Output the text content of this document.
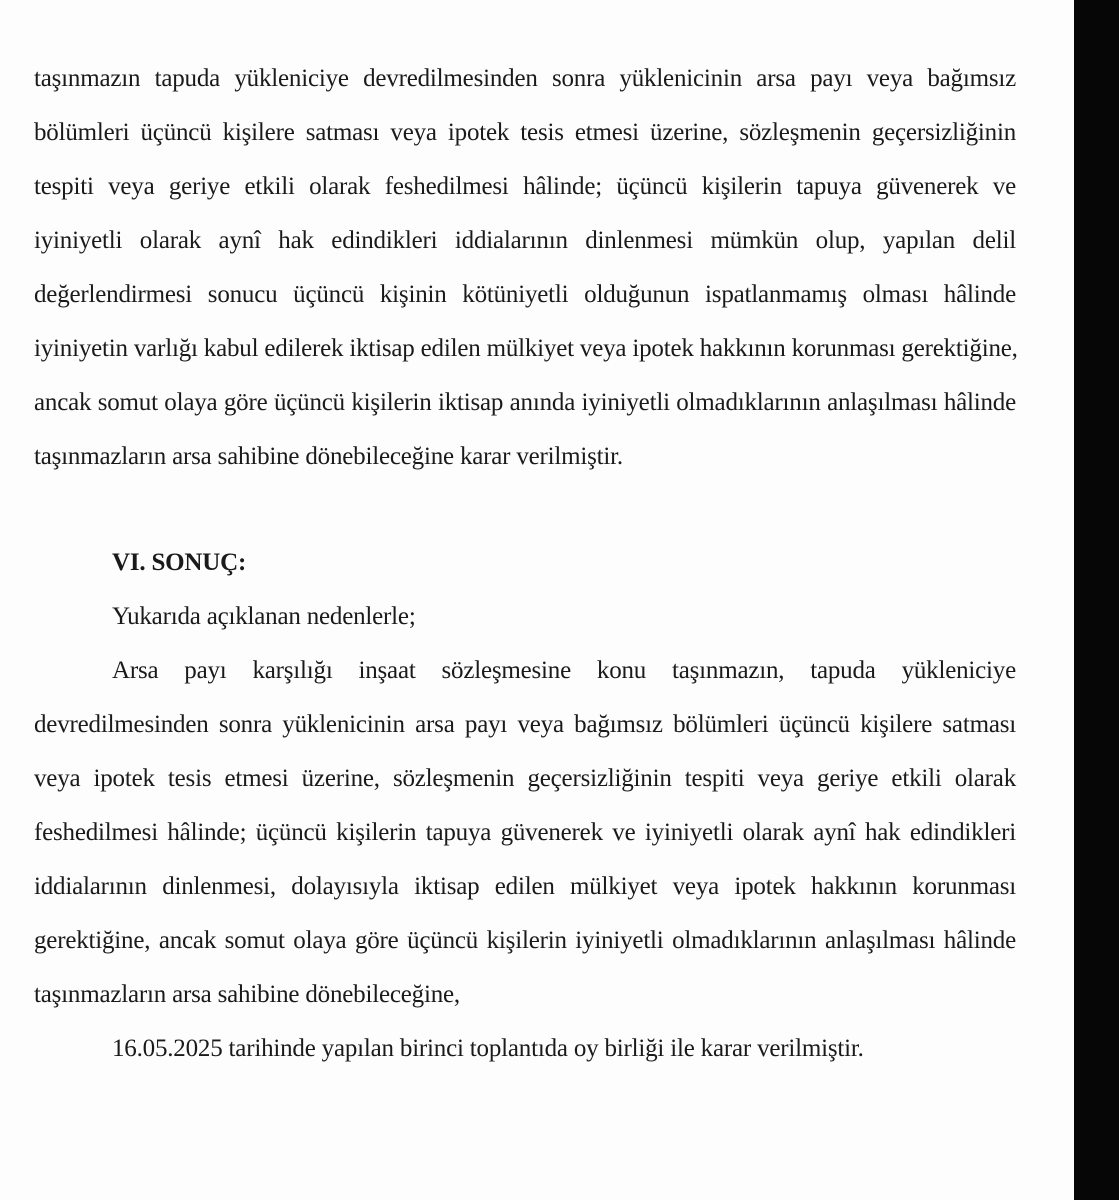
taşınmazın tapuda yükleniciye devredilmesinden sonra yüklenicinin arsa payı veya bağımsız
bölümleri üçüncü kişilere satması veya ipotek tesis etmesi üzerine, sözleşmenin geçersizliğinin
tespiti veya geriye etkili olarak feshedilmesi hâlinde; üçüncü kişilerin tapuya güvenerek ve
iyiniyetli olarak aynî hak edindikleri iddialarının dinlenmesi mümkün olup, yapılan delil
değerlendirmesi sonucu üçüncü kişinin kötüniyetli olduğunun ispatlanmamış olması hâlinde
iyiniyetin varlığı kabul edilerek iktisap edilen mülkiyet veya ipotek hakkının korunması gerektiğine,
ancak somut olaya göre üçüncü kişilerin iktisap anında iyiniyetli olmadıklarının anlaşılması hâlinde
taşınmazların arsa sahibine dönebileceğine karar verilmiştir.
VI. SONUÇ:
Yukarıda açıklanan nedenlerle;
Arsa payı karşılığı inşaat sözleşmesine konu taşınmazın, tapuda yükleniciye
devredilmesinden sonra yüklenicinin arsa payı veya bağımsız bölümleri üçüncü kişilere satması
veya ipotek tesis etmesi üzerine, sözleşmenin geçersizliğinin tespiti veya geriye etkili olarak
feshedilmesi hâlinde; üçüncü kişilerin tapuya güvenerek ve iyiniyetli olarak aynî hak edindikleri
iddialarının dinlenmesi, dolayısıyla iktisap edilen mülkiyet veya ipotek hakkının korunması
gerektiğine, ancak somut olaya göre üçüncü kişilerin iyiniyetli olmadıklarının anlaşılması hâlinde
taşınmazların arsa sahibine dönebileceğine,
16.05.2025 tarihinde yapılan birinci toplantıda oy birliği ile karar verilmiştir.
